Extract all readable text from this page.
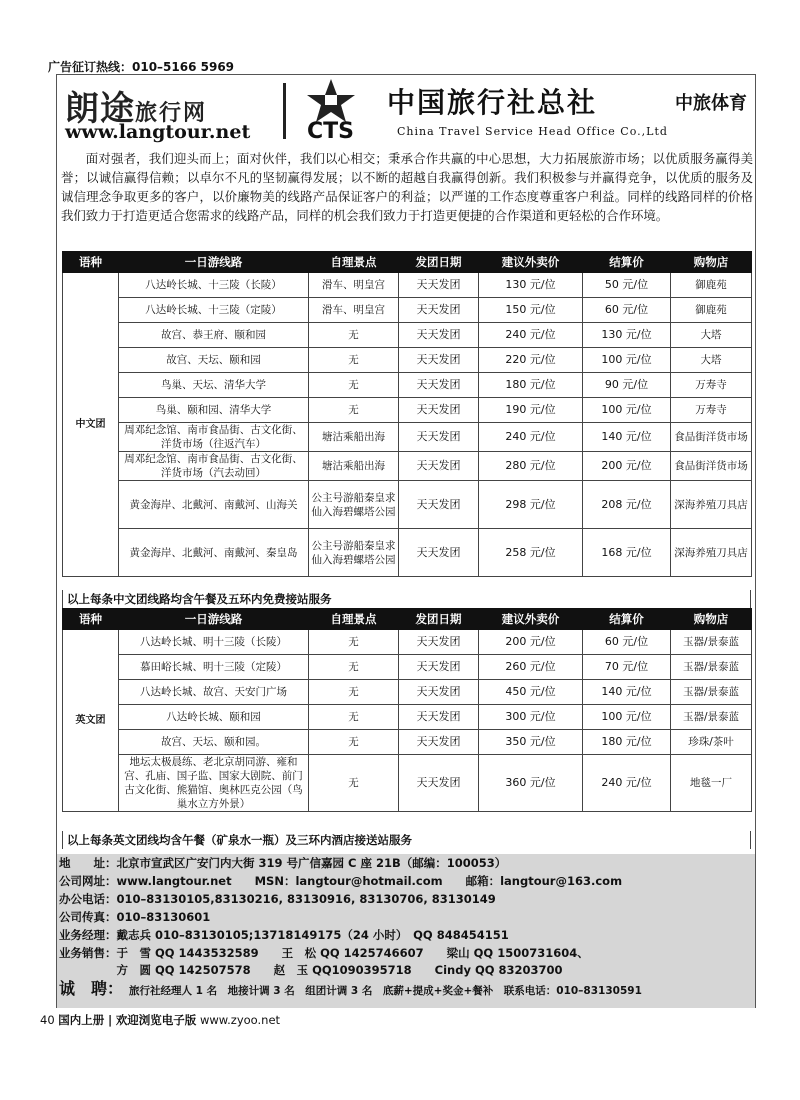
广告征订热线：010–5166 5969
朗途旅行网
www.langtour.net	CTS
中国旅行社总社	中旅体育
China Travel Service Head Office Co.,Ltd
面对强者，我们迎头而上；面对伙伴，我们以心相交；秉承合作共赢的中心思想，大力拓展旅游市场；以优质服务赢得美誉；以诚信赢得信赖；以卓尔不凡的坚韧赢得发展；以不断的超越自我赢得创新。我们积极参与并赢得竞争，以优质的服务及诚信理念争取更多的客户，以价廉物美的线路产品保证客户的利益；以严谨的工作态度尊重客户利益。同样的线路同样的价格我们致力于打造更适合您需求的线路产品，同样的机会我们致力于打造更便捷的合作渠道和更轻松的合作环境。
语种	一日游线路	自理景点	发团日期	建议外卖价	结算价	购物店
中文团	八达岭长城、十三陵（长陵）	滑车、明皇宫	天天发团	130 元/位	50 元/位	御鹿苑
	八达岭长城、十三陵（定陵）	滑车、明皇宫	天天发团	150 元/位	60 元/位	御鹿苑
	故宫、恭王府、颐和园	无	天天发团	240 元/位	130 元/位	大塔
	故宫、天坛、颐和园	无	天天发团	220 元/位	100 元/位	大塔
	鸟巢、天坛、清华大学	无	天天发团	180 元/位	90 元/位	万寿寺
	鸟巢、颐和园、清华大学	无	天天发团	190 元/位	100 元/位	万寿寺
	周邓纪念馆、南市食品街、古文化街、洋货市场（往返汽车）	塘沽乘船出海	天天发团	240 元/位	140 元/位	食品街洋货市场
	周邓纪念馆、南市食品街、古文化街、洋货市场（汽去动回）	塘沽乘船出海	天天发团	280 元/位	200 元/位	食品街洋货市场
	黄金海岸、北戴河、南戴河、山海关	公主号游船秦皇求仙入海碧螺塔公园	天天发团	298 元/位	208 元/位	深海养殖刀具店
	黄金海岸、北戴河、南戴河、秦皇岛	公主号游船秦皇求仙入海碧螺塔公园	天天发团	258 元/位	168 元/位	深海养殖刀具店
以上每条中文团线路均含午餐及五环内免费接站服务
语种	一日游线路	自理景点	发团日期	建议外卖价	结算价	购物店
英文团	八达岭长城、明十三陵（长陵）	无	天天发团	200 元/位	60 元/位	玉器/景泰蓝
	慕田峪长城、明十三陵（定陵）	无	天天发团	260 元/位	70 元/位	玉器/景泰蓝
	八达岭长城、故宫、天安门广场	无	天天发团	450 元/位	140 元/位	玉器/景泰蓝
	八达岭长城、颐和园	无	天天发团	300 元/位	100 元/位	玉器/景泰蓝
	故宫、天坛、颐和园。	无	天天发团	350 元/位	180 元/位	珍珠/茶叶
	地坛太极晨练、老北京胡同游、雍和宫、孔庙、国子监、国家大剧院、前门古文化街、熊猫馆、奥林匹克公园（鸟巢水立方外景）	无	天天发团	360 元/位	240 元/位	地毯一厂
以上每条英文团线均含午餐（矿泉水一瓶）及三环内酒店接送站服务
地　　址：北京市宣武区广安门内大街 319 号广信嘉园 C 座 21B（邮编：100053）
公司网址：www.langtour.net　　MSN：langtour@hotmail.com　　邮箱：langtour@163.com
办公电话：010–83130105,83130216, 83130916, 83130706, 83130149
公司传真：010–83130601
业务经理：戴志兵 010–83130105;13718149175（24 小时）　QQ 848454151
业务销售：于　雪 QQ 1443532589　　王　松 QQ 1425746607　　梁山 QQ 1500731604、
　　　　　方　圆 QQ 142507578　　赵　玉 QQ1090395718　　Cindy QQ 83203700
诚　聘： 旅行社经理人 1 名　地接计调 3 名　组团计调 3 名　底薪+提成+奖金+餐补　联系电话：010–83130591
40 国内上册 | 欢迎浏览电子版 www.zyoo.net
